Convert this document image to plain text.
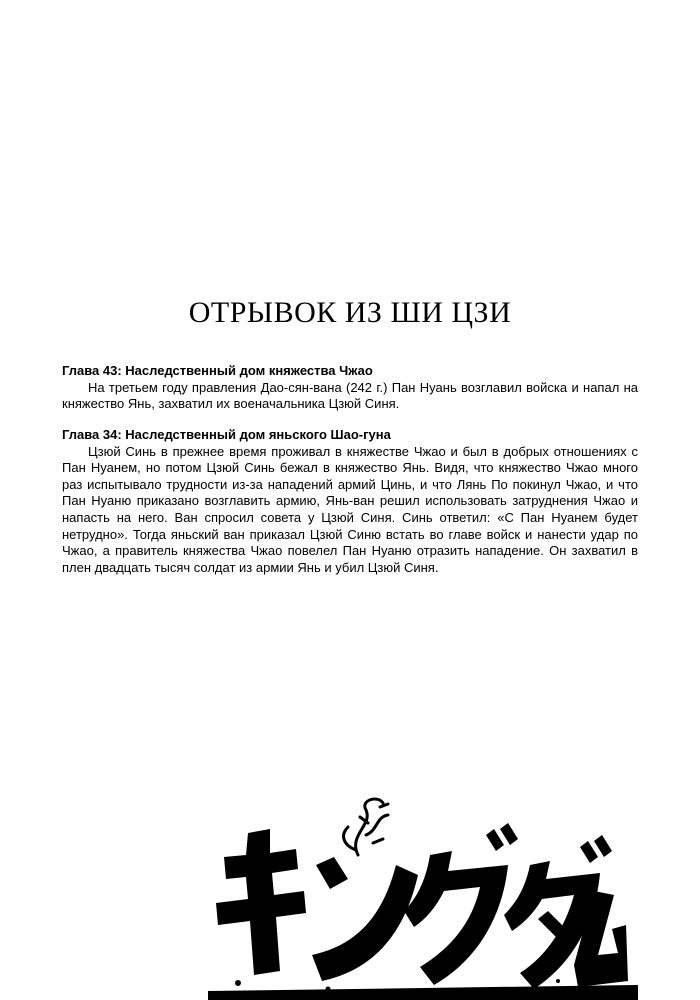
ОТРЫВОК ИЗ ШИ ЦЗИ
Глава 43: Наследственный дом княжества Чжао

На третьем году правления Дао-сян-вана (242 г.) Пан Нуань возглавил войска и напал на княжество Янь, захватил их военачальника Цзюй Синя.

Глава 34: Наследственный дом яньского Шао-гуна

Цзюй Синь в прежнее время проживал в княжестве Чжао и был в добрых отношениях с Пан Нуанем, но потом Цзюй Синь бежал в княжество Янь. Видя, что княжество Чжао много раз испытывало трудности из-за нападений армий Цинь, и что Лянь По покинул Чжао, и что Пан Нуаню приказано возглавить армию, Янь-ван решил использовать затруднения Чжао и напасть на него. Ван спросил совета у Цзюй Синя. Синь ответил: «С Пан Нуанем будет нетрудно». Тогда яньский ван приказал Цзюй Синю встать во главе войск и нанести удар по Чжао, а правитель княжества Чжао повелел Пан Нуаню отразить нападение. Он захватил в плен двадцать тысяч солдат из армии Янь и убил Цзюй Синя.
